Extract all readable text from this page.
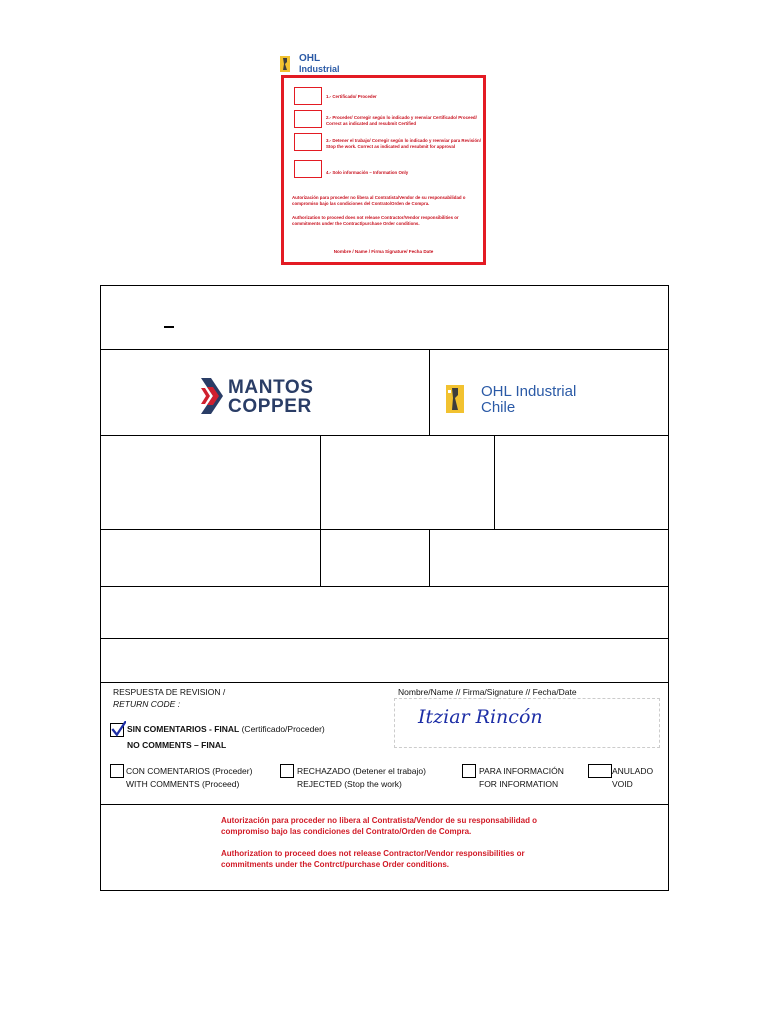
OHL
Industrial
1.- Certificado/ Proceder
2.- Proceder/ Corregir según lo indicado y reenviar Certificado/ Proceed/ Correct as indicated and resubmit Certified
3.- Detener el trabajo/ Corregir según lo indicado y reenviar para Revisión/ Stop the work. Correct as indicated and resubmit for approval
4.- Solo información – Information Only
Autorización para proceder no libera al Contratista/Vendor de su responsabilidad o compromiso bajo las condiciones del Contrato/Orden de Compra.
Authorization to proceed does not release Contractor/Vendor responsibilities or commitments under the Contract/purchase Order conditions.
Nombre / Name / Firma Signature/ Fecha Date
MANTOS
COPPER
OHL Industrial
Chile
RESPUESTA DE REVISION /
RETURN CODE :
Nombre/Name // Firma/Signature // Fecha/Date
Itziar Rincón
SIN COMENTARIOS - FINAL (Certificado/Proceder)
NO COMMENTS – FINAL
CON COMENTARIOS (Proceder)
WITH COMMENTS (Proceed)
RECHAZADO (Detener el trabajo)
REJECTED (Stop the work)
PARA INFORMACIÓN
FOR INFORMATION
ANULADO
VOID
Autorización para proceder no libera al Contratista/Vendor de su responsabilidad o
compromiso bajo las condiciones del Contrato/Orden de Compra.
Authorization to proceed does not release Contractor/Vendor responsibilities or
commitments under the Contrct/purchase Order conditions.
